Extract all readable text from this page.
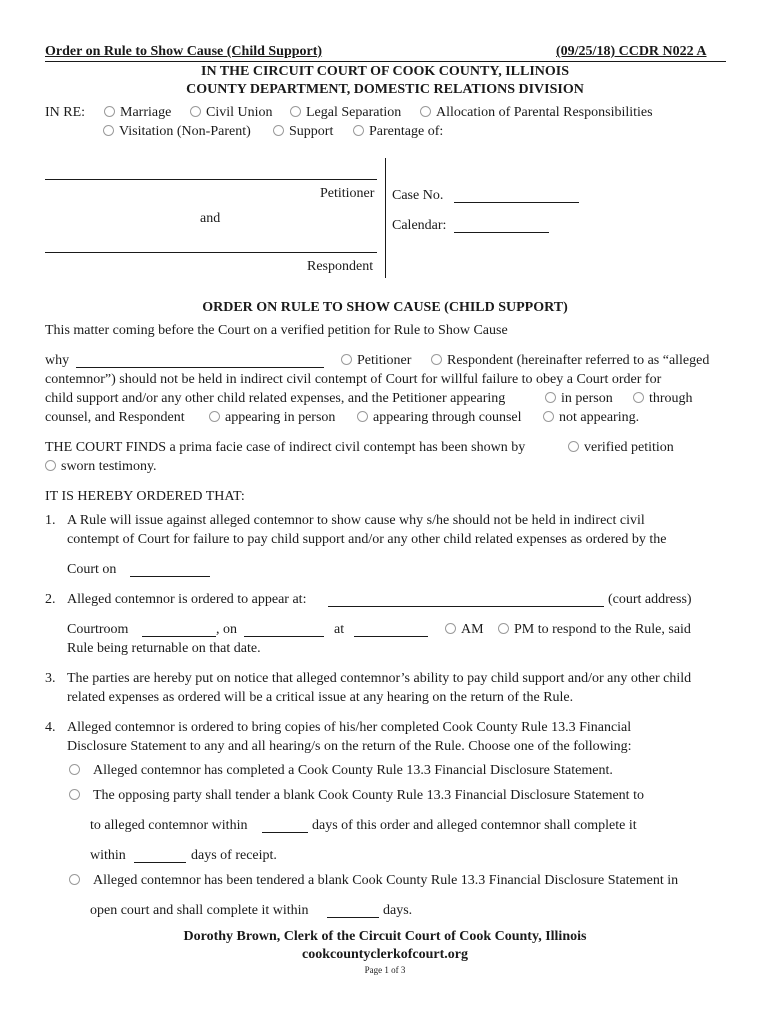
Order on Rule to Show Cause (Child Support)	(09/25/18) CCDR N022 A
IN THE CIRCUIT COURT OF COOK COUNTY, ILLINOIS
COUNTY DEPARTMENT, DOMESTIC RELATIONS DIVISION
IN RE:	Marriage	Civil Union	Legal Separation	Allocation of Parental Responsibilities
Visitation (Non-Parent)	Support	Parentage of:
Petitioner
and
Respondent
Case No.
Calendar:
ORDER ON RULE TO SHOW CAUSE (CHILD SUPPORT)
This matter coming before the Court on a verified petition for Rule to Show Cause
why	Petitioner	Respondent (hereinafter referred to as “alleged
contemnor”) should not be held in indirect civil contempt of Court for willful failure to obey a Court order for
child support and/or any other child related expenses, and the Petitioner appearing	in person	through
counsel, and Respondent	appearing in person	appearing through counsel	not appearing.
THE COURT FINDS a prima facie case of indirect civil contempt has been shown by	verified petition
sworn testimony.
IT IS HEREBY ORDERED THAT:
1. A Rule will issue against alleged contemnor to show cause why s/he should not be held in indirect civil
contempt of Court for failure to pay child support and/or any other child related expenses as ordered by the
Court on
2. Alleged contemnor is ordered to appear at:	(court address)
Courtroom	, on	at	AM	PM to respond to the Rule, said
Rule being returnable on that date.
3. The parties are hereby put on notice that alleged contemnor’s ability to pay child support and/or any other child
related expenses as ordered will be a critical issue at any hearing on the return of the Rule.
4. Alleged contemnor is ordered to bring copies of his/her completed Cook County Rule 13.3 Financial
Disclosure Statement to any and all hearing/s on the return of the Rule. Choose one of the following:
Alleged contemnor has completed a Cook County Rule 13.3 Financial Disclosure Statement.
The opposing party shall tender a blank Cook County Rule 13.3 Financial Disclosure Statement to
to alleged contemnor within	days of this order and alleged contemnor shall complete it
within	days of receipt.
Alleged contemnor has been tendered a blank Cook County Rule 13.3 Financial Disclosure Statement in
open court and shall complete it within	days.
Dorothy Brown, Clerk of the Circuit Court of Cook County, Illinois
cookcountyclerkofcourt.org
Page 1 of 3
